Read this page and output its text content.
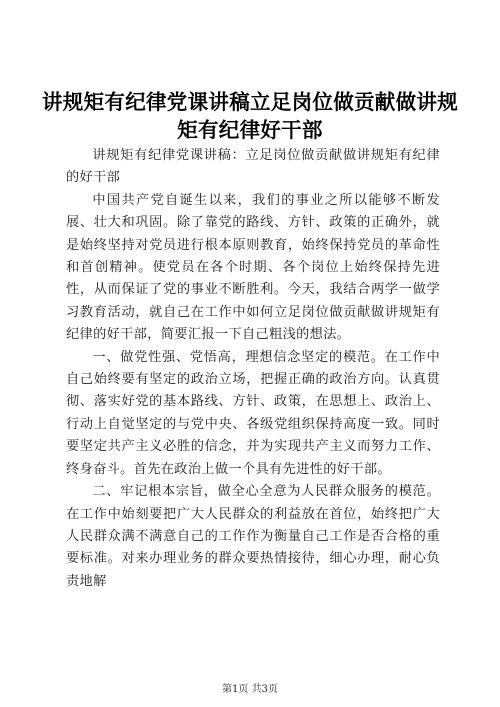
讲规矩有纪律党课讲稿立足岗位做贡献做讲规矩有纪律好干部

讲规矩有纪律党课讲稿：立足岗位做贡献做讲规矩有纪律的好干部

中国共产党自诞生以来，我们的事业之所以能够不断发展、壮大和巩固。除了靠党的路线、方针、政策的正确外，就是始终坚持对党员进行根本原则教育，始终保持党员的革命性和首创精神。使党员在各个时期、各个岗位上始终保持先进性，从而保证了党的事业不断胜利。今天，我结合两学一做学习教育活动，就自己在工作中如何立足岗位做贡献做讲规矩有纪律的好干部，简要汇报一下自己粗浅的想法。

一、做党性强、党悟高，理想信念坚定的模范。在工作中自己始终要有坚定的政治立场，把握正确的政治方向。认真贯彻、落实好党的基本路线、方针、政策，在思想上、政治上、行动上自觉坚定的与党中央、各级党组织保持高度一致。同时要坚定共产主义必胜的信念，并为实现共产主义而努力工作、终身奋斗。首先在政治上做一个具有先进性的好干部。

二、牢记根本宗旨，做全心全意为人民群众服务的模范。在工作中始刻要把广大人民群众的利益放在首位，始终把广大人民群众满不满意自己的工作作为衡量自己工作是否合格的重要标准。对来办理业务的群众要热情接待，细心办理，耐心负责地解

第1页 共3页
